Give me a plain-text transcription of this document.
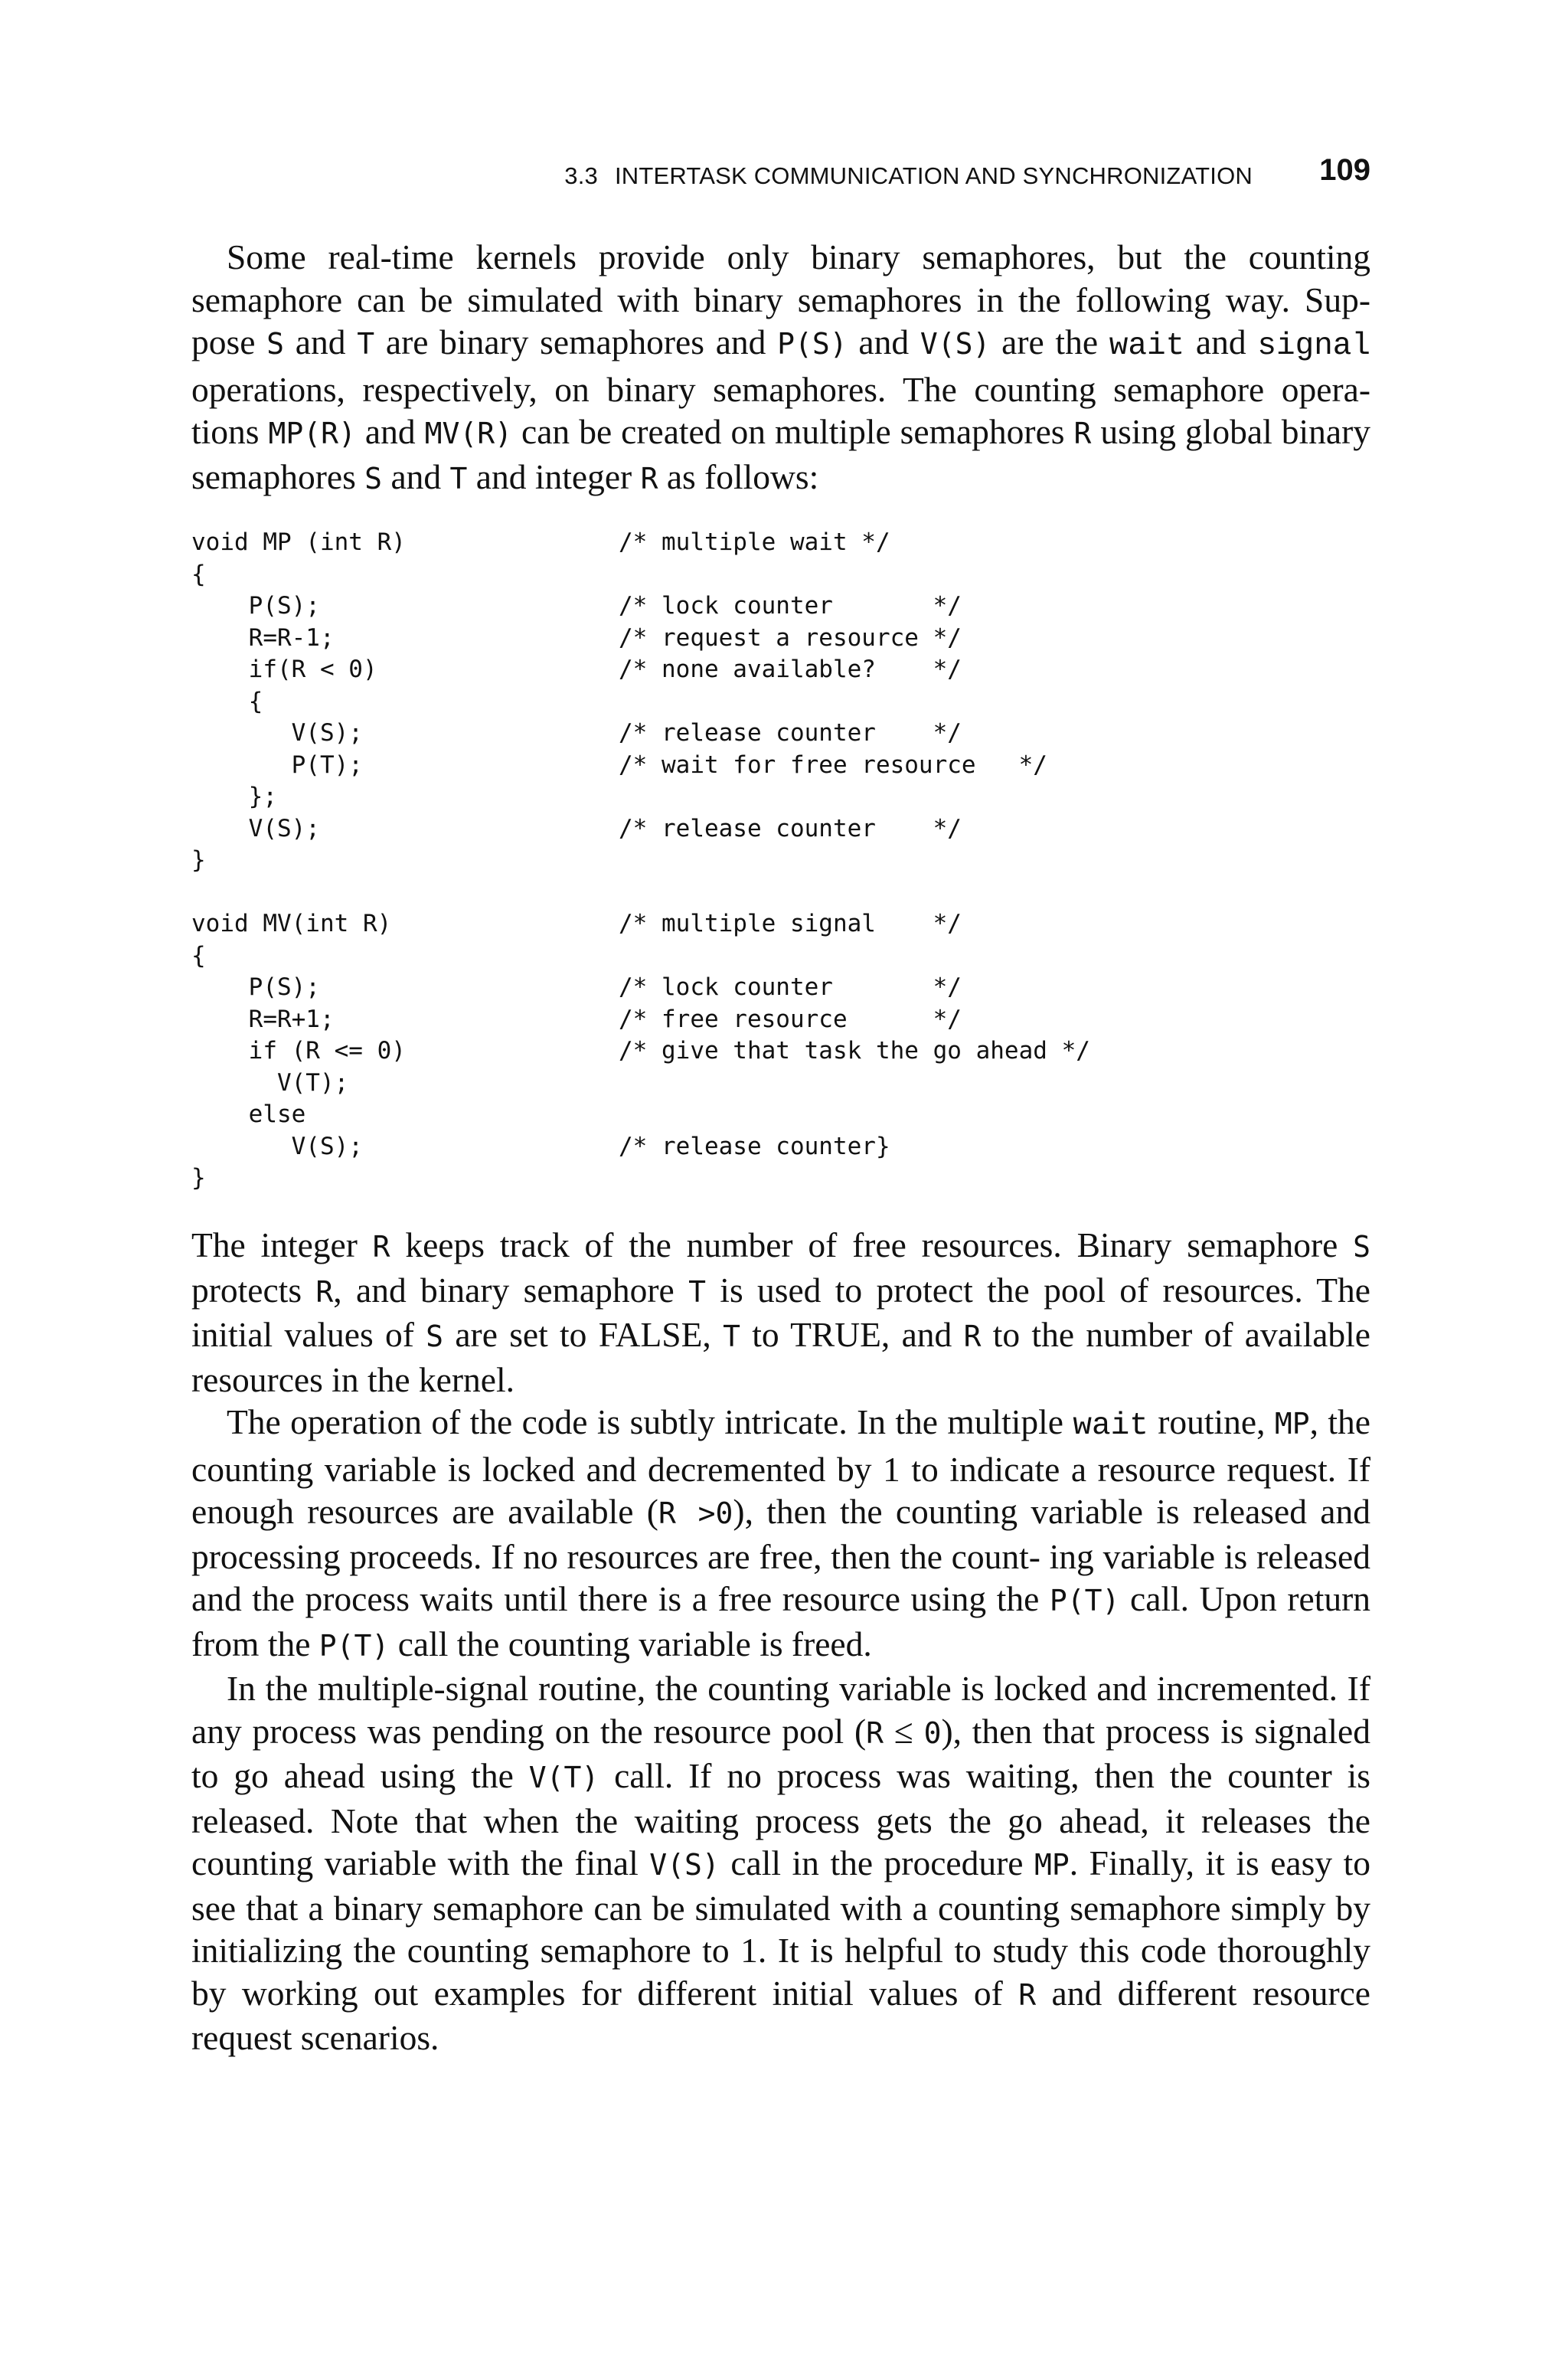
3.3 INTERTASK COMMUNICATION AND SYNCHRONIZATION 109

Some real-time kernels provide only binary semaphores, but the counting semaphore can be simulated with binary semaphores in the following way. Sup- pose S and T are binary semaphores and P(S) and V(S) are the wait and signal operations, respectively, on binary semaphores. The counting semaphore opera- tions MP(R) and MV(R) can be created on multiple semaphores R using global binary semaphores S and T and integer R as follows:

void MP (int R)	/* multiple wait */
{
P(S);	/* lock counter       */
R=R-1;	/* request a resource */
if(R < 0)	/* none available?    */
{
V(S);	/* release counter    */
P(T);	/* wait for free resource   */
};
V(S);	/* release counter    */
}
void MV(int R)	/* multiple signal    */
{
P(S);	/* lock counter       */
R=R+1;	/* free resource      */
if (R <= 0)	/* give that task the go ahead */
V(T);
else
V(S);	/* release counter}
}

The integer R keeps track of the number of free resources. Binary semaphore S protects R, and binary semaphore T is used to protect the pool of resources. The initial values of S are set to FALSE, T to TRUE, and R to the number of available resources in the kernel.

The operation of the code is subtly intricate. In the multiple wait routine, MP, the counting variable is locked and decremented by 1 to indicate a resource request. If enough resources are available (R >0), then the counting variable is released and processing proceeds. If no resources are free, then the count- ing variable is released and the process waits until there is a free resource using the P(T) call. Upon return from the P(T) call the counting variable is freed.

In the multiple-signal routine, the counting variable is locked and incremented. If any process was pending on the resource pool (R ≤ 0), then that process is signaled to go ahead using the V(T) call. If no process was waiting, then the counter is released. Note that when the waiting process gets the go ahead, it releases the counting variable with the final V(S) call in the procedure MP. Finally, it is easy to see that a binary semaphore can be simulated with a counting semaphore simply by initializing the counting semaphore to 1. It is helpful to study this code thoroughly by working out examples for different initial values of R and different resource request scenarios.
